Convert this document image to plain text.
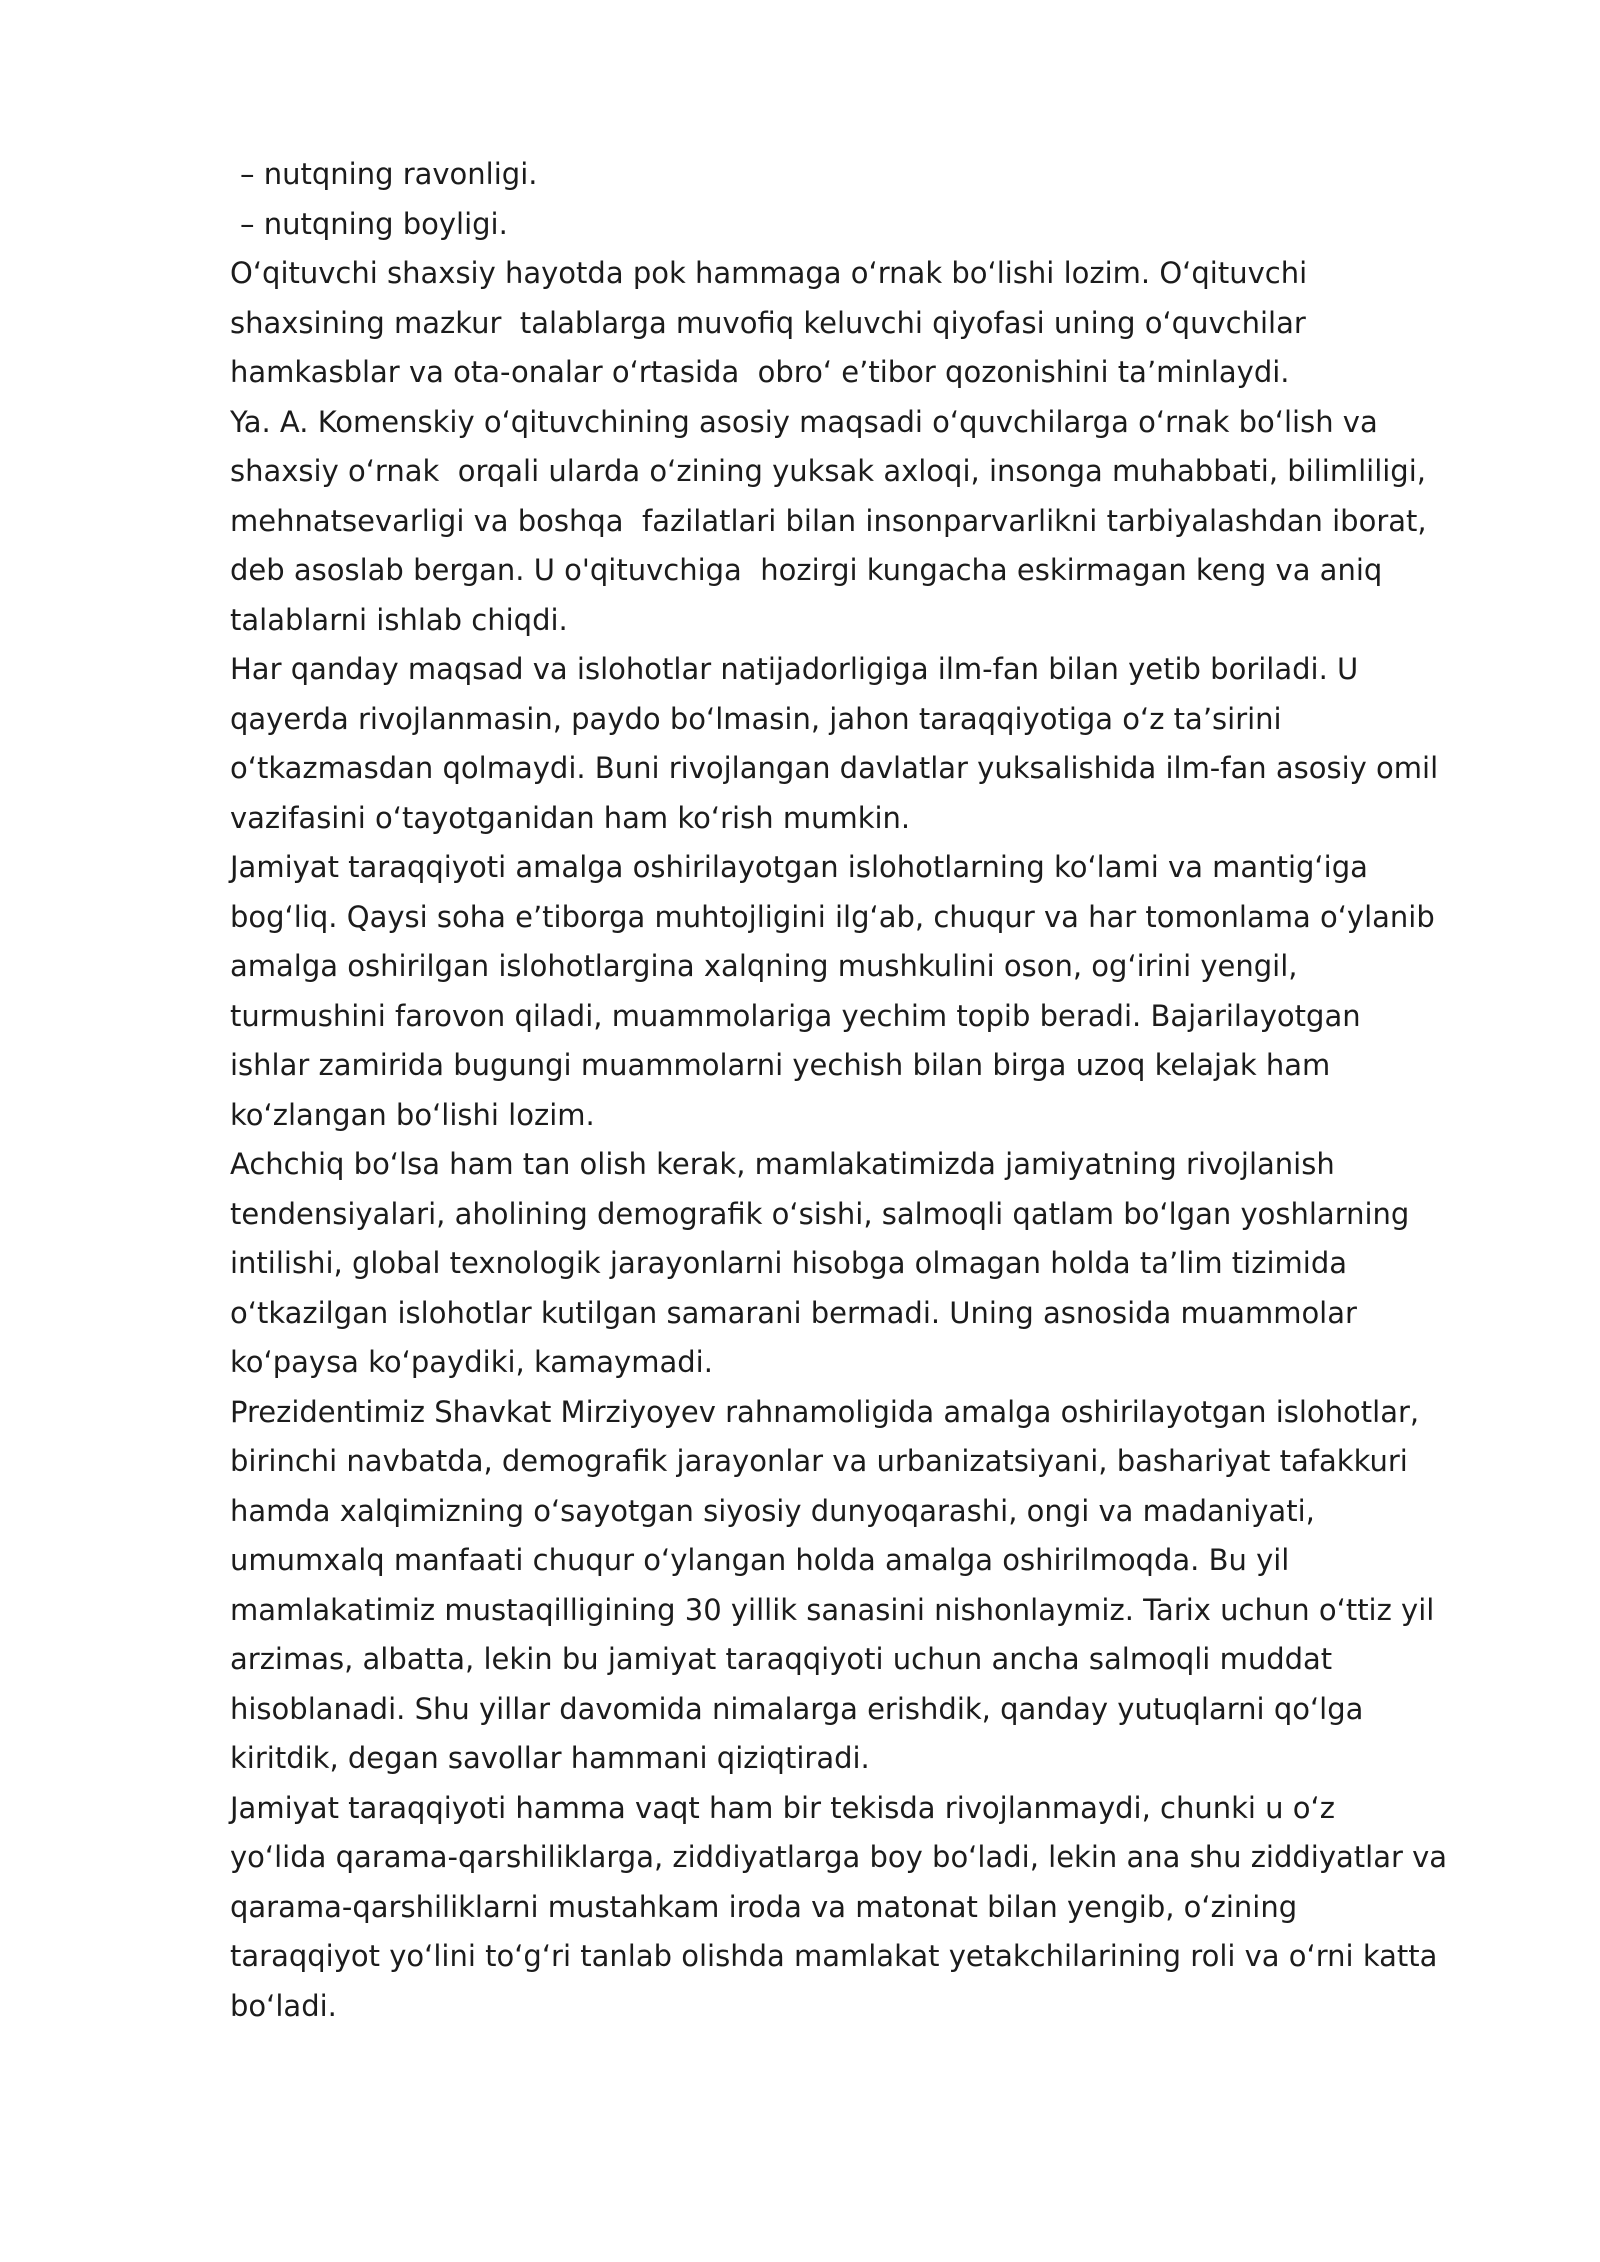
– nutqning ravonligi.
– nutqning boyligi.
Oʻqituvchi shaxsiy hayotda pok hammaga oʻrnak boʻlishi lozim. Oʻqituvchi
shaxsining mazkur  talablarga muvofiq keluvchi qiyofasi uning oʻquvchilar
hamkasblar va ota-onalar oʻrtasida  obroʻ eʼtibor qozonishini taʼminlaydi.
Ya. A. Komenskiy oʻqituvchining asosiy maqsadi oʻquvchilarga oʻrnak boʻlish va
shaxsiy oʻrnak  orqali ularda oʻzining yuksak axloqi, insonga muhabbati, bilimliligi,
mehnatsevarligi va boshqa  fazilatlari bilan insonparvarlikni tarbiyalashdan iborat,
deb asoslab bergan. U o'qituvchiga  hozirgi kungacha eskirmagan keng va aniq
talablarni ishlab chiqdi.
Har qanday maqsad va islohotlar natijadorligiga ilm-fan bilan yetib boriladi. U
qayerda rivojlanmasin, paydo boʻlmasin, jahon taraqqiyotiga oʻz taʼsirini
oʻtkazmasdan qolmaydi. Buni rivojlangan davlatlar yuksalishida ilm-fan asosiy omil
vazifasini oʻtayotganidan ham koʻrish mumkin.
Jamiyat taraqqiyoti amalga oshirilayotgan islohotlarning koʻlami va mantigʻiga
bogʻliq. Qaysi soha eʼtiborga muhtojligini ilgʻab, chuqur va har tomonlama oʻylanib
amalga oshirilgan islohotlargina xalqning mushkulini oson, ogʻirini yengil,
turmushini farovon qiladi, muammolariga yechim topib beradi. Bajarilayotgan
ishlar zamirida bugungi muammolarni yechish bilan birga uzoq kelajak ham
koʻzlangan boʻlishi lozim.
Achchiq boʻlsa ham tan olish kerak, mamlakatimizda jamiyatning rivojlanish
tendensiyalari, aholining demografik oʻsishi, salmoqli qatlam boʻlgan yoshlarning
intilishi, global texnologik jarayonlarni hisobga olmagan holda taʼlim tizimida
oʻtkazilgan islohotlar kutilgan samarani bermadi. Uning asnosida muammolar
koʻpaysa koʻpaydiki, kamaymadi.
Prezidentimiz Shavkat Mirziyoyev rahnamoligida amalga oshirilayotgan islohotlar,
birinchi navbatda, demografik jarayonlar va urbanizatsiyani, bashariyat tafakkuri
hamda xalqimizning oʻsayotgan siyosiy dunyoqarashi, ongi va madaniyati,
umumxalq manfaati chuqur oʻylangan holda amalga oshirilmoqda. Bu yil
mamlakatimiz mustaqilligining 30 yillik sanasini nishonlaymiz. Tarix uchun oʻttiz yil
arzimas, albatta, lekin bu jamiyat taraqqiyoti uchun ancha salmoqli muddat
hisoblanadi. Shu yillar davomida nimalarga erishdik, qanday yutuqlarni qoʻlga
kiritdik, degan savollar hammani qiziqtiradi.
Jamiyat taraqqiyoti hamma vaqt ham bir tekisda rivojlanmaydi, chunki u oʻz
yoʻlida qarama-qarshiliklarga, ziddiyatlarga boy boʻladi, lekin ana shu ziddiyatlar va
qarama-qarshiliklarni mustahkam iroda va matonat bilan yengib, oʻzining
taraqqiyot yoʻlini toʻgʻri tanlab olishda mamlakat yetakchilarining roli va oʻrni katta
boʻladi.
